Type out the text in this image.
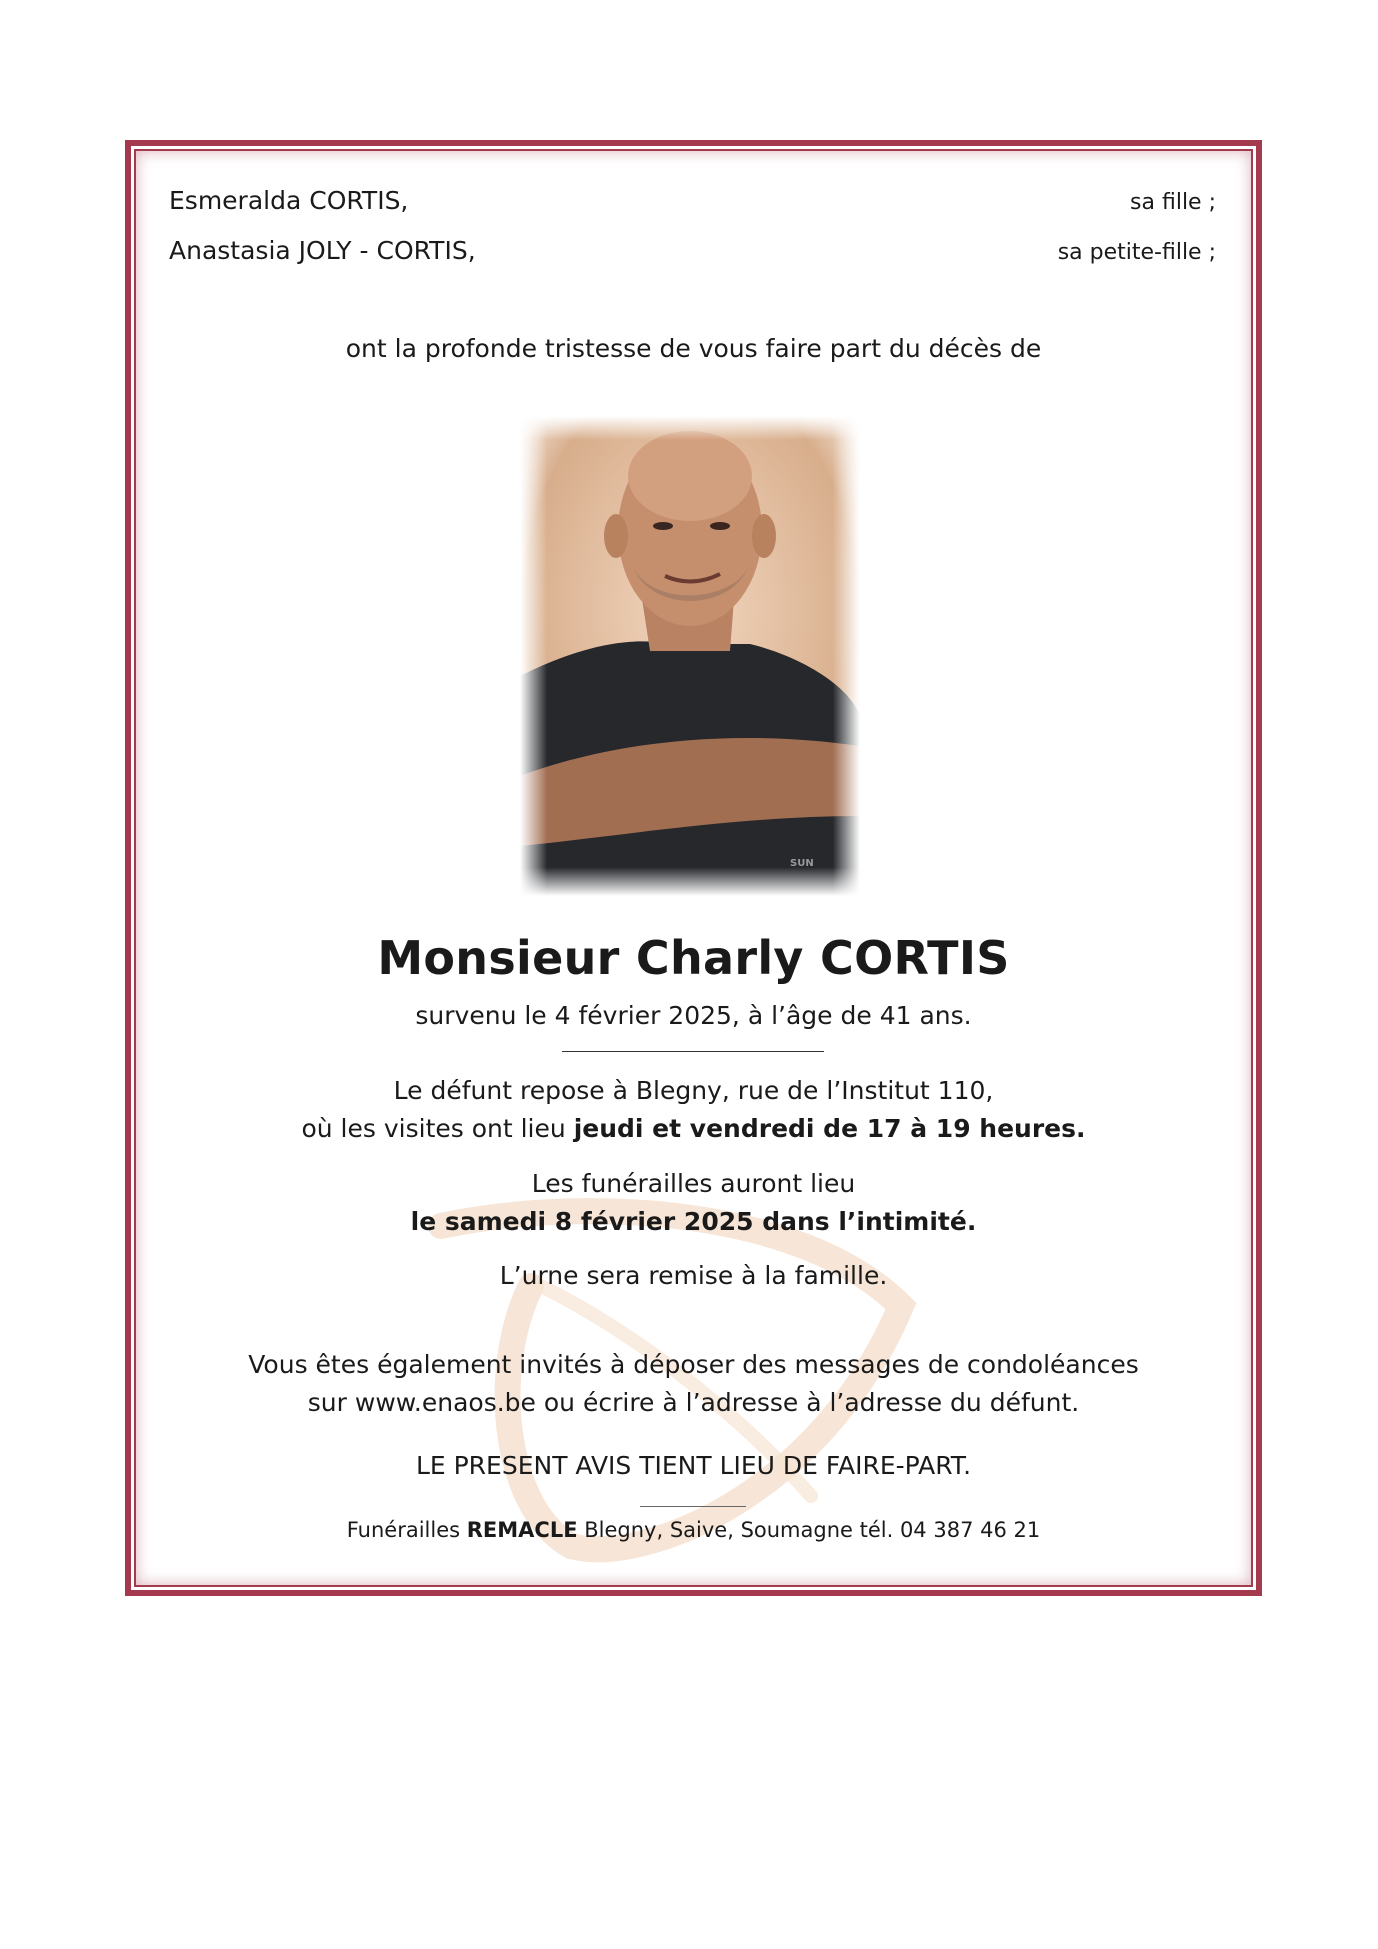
Esmeralda CORTIS,	sa fille ;
Anastasia JOLY - CORTIS,	sa petite-fille ;
ont la profonde tristesse de vous faire part du décès de
Monsieur Charly CORTIS
survenu le 4 février 2025, à l’âge de 41 ans.
Le défunt repose à Blegny, rue de l’Institut 110,
où les visites ont lieu jeudi et vendredi de 17 à 19 heures.
Les funérailles auront lieu
le samedi 8 février 2025 dans l’intimité.
L’urne sera remise à la famille.
Vous êtes également invités à déposer des messages de condoléances
sur www.enaos.be ou écrire à l’adresse à l’adresse du défunt.
LE PRESENT AVIS TIENT LIEU DE FAIRE-PART.
Funérailles REMACLE Blegny, Saive, Soumagne tél. 04 387 46 21
